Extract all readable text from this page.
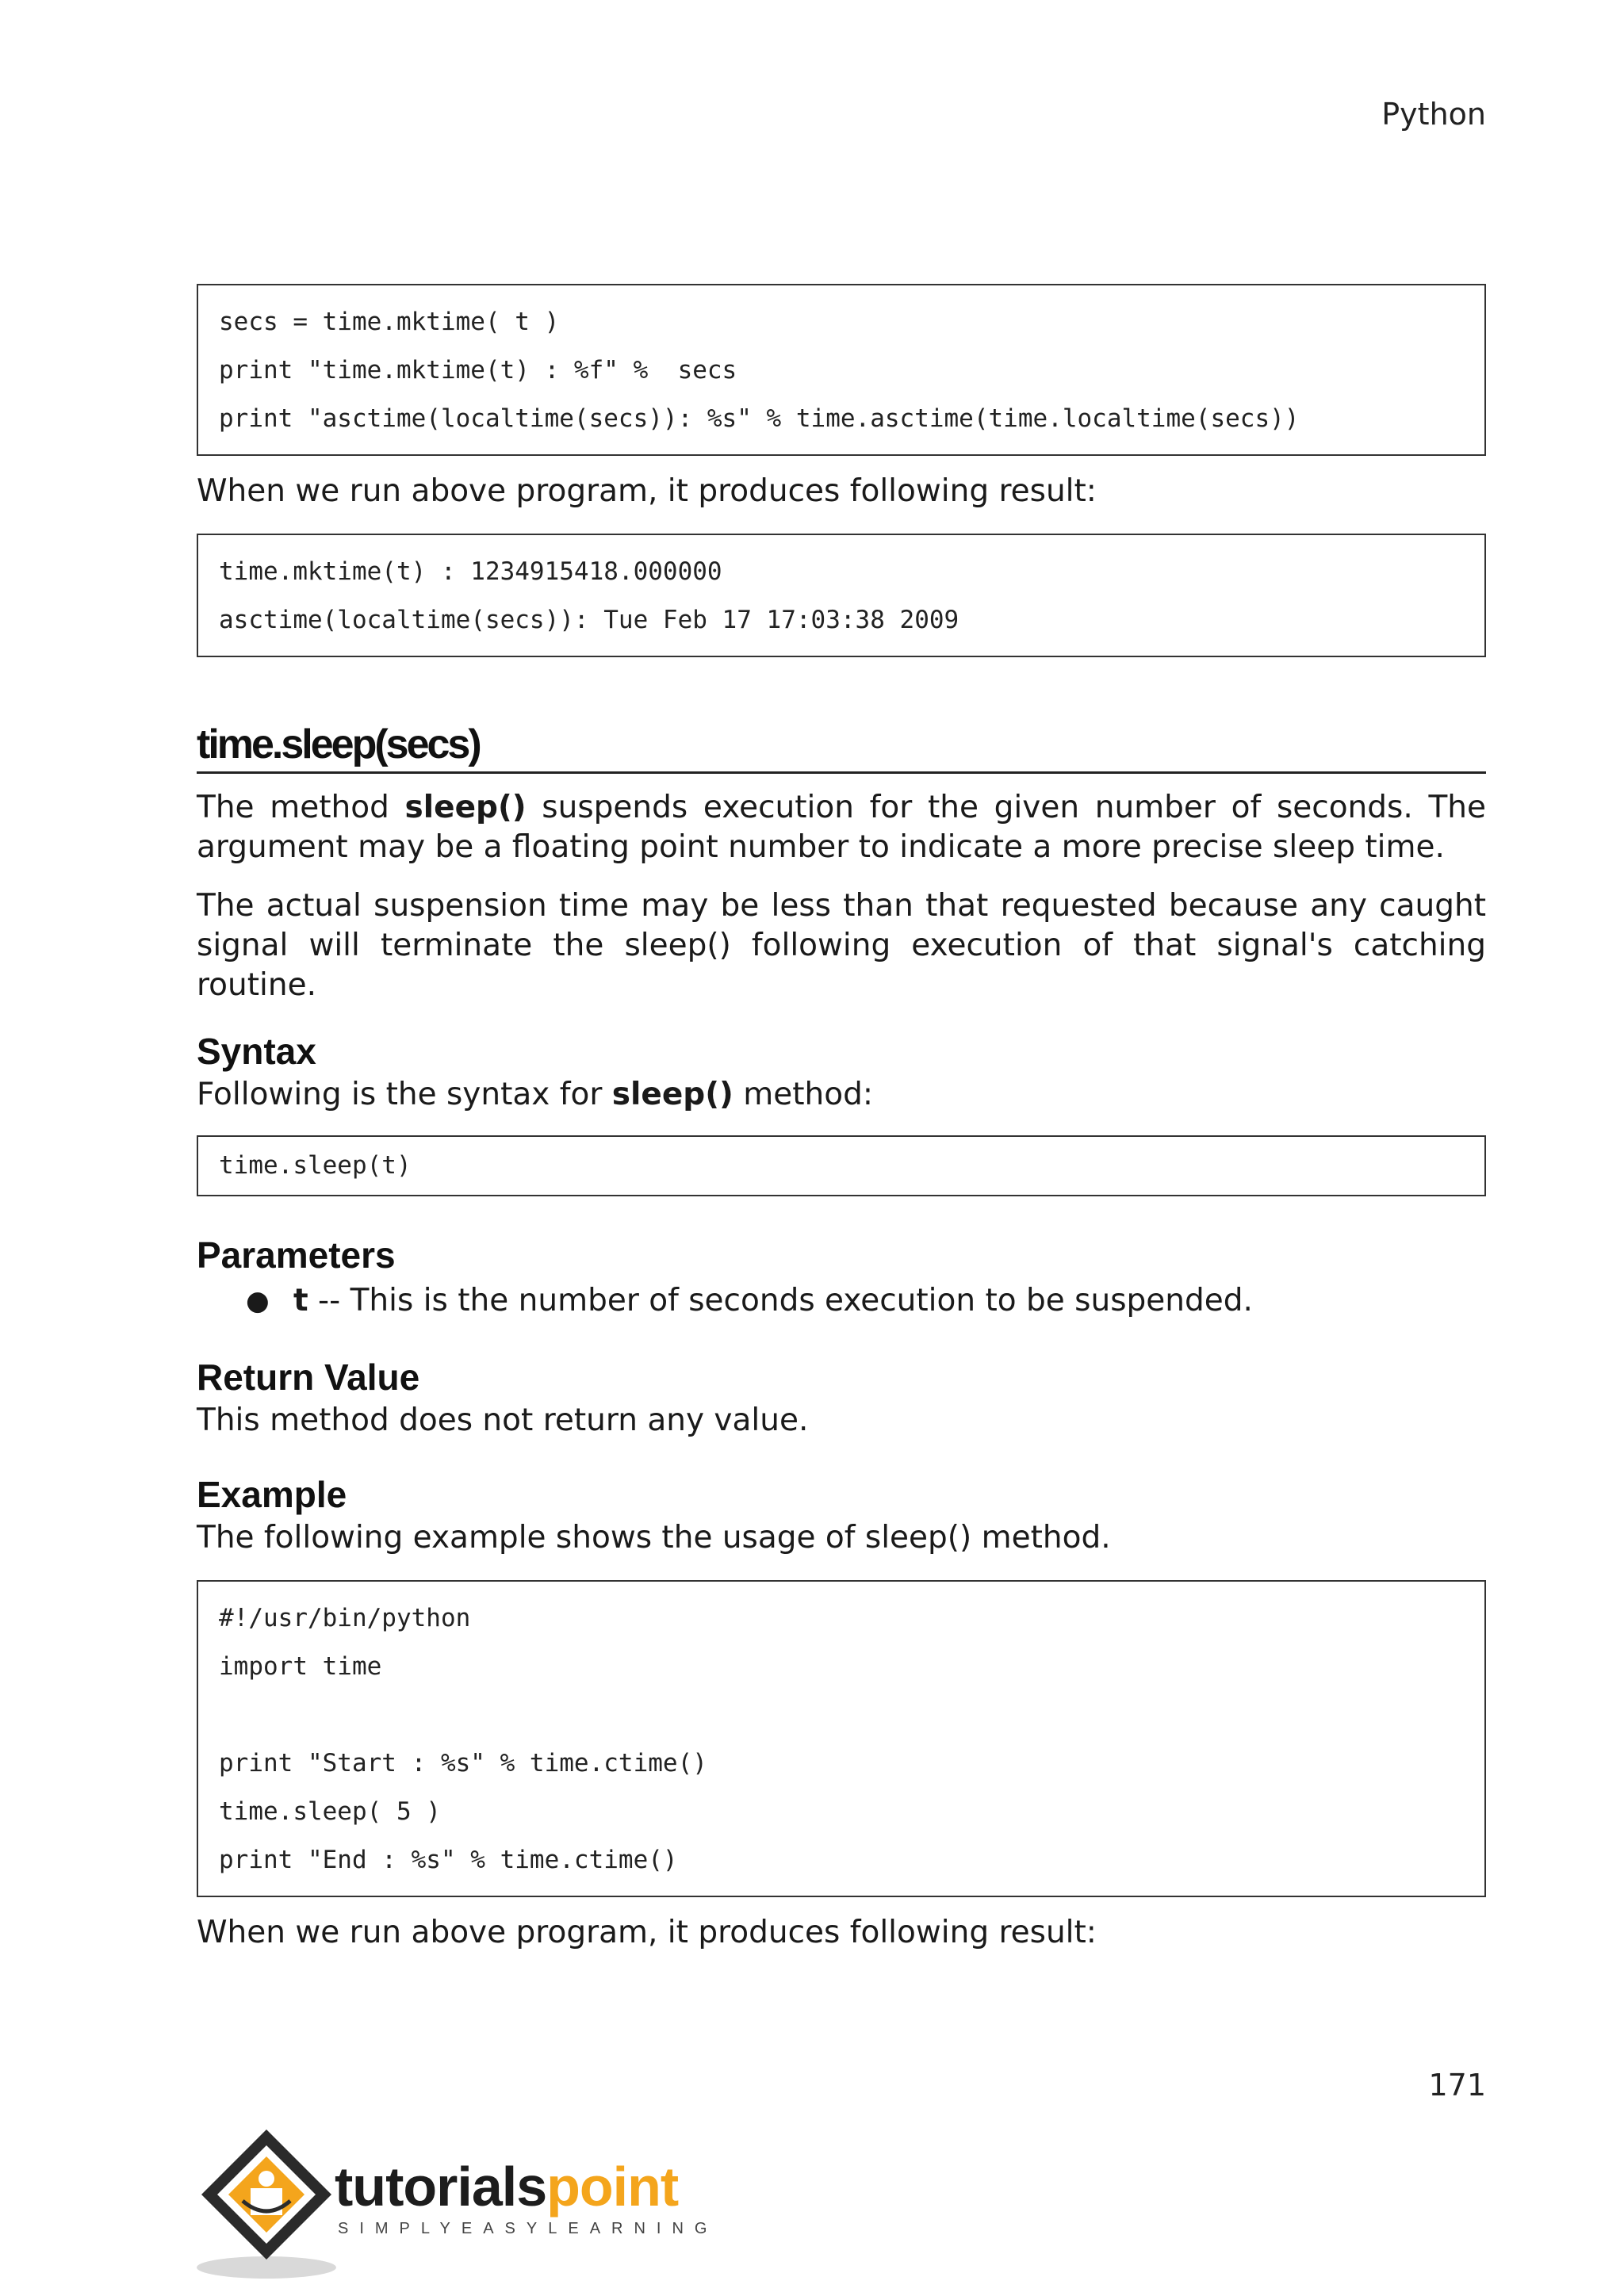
Python
secs = time.mktime( t )
print "time.mktime(t) : %f" %  secs
print "asctime(localtime(secs)): %s" % time.asctime(time.localtime(secs))
When we run above program, it produces following result:
time.mktime(t) : 1234915418.000000
asctime(localtime(secs)): Tue Feb 17 17:03:38 2009
time.sleep(secs)
The method sleep() suspends execution for the given number of seconds. The argument may be a floating point number to indicate a more precise sleep time.
The actual suspension time may be less than that requested because any caught signal will terminate the sleep() following execution of that signal's catching routine.
Syntax
Following is the syntax for sleep() method:
time.sleep(t)
Parameters
● t -- This is the number of seconds execution to be suspended.
Return Value
This method does not return any value.
Example
The following example shows the usage of sleep() method.
#!/usr/bin/python
import time
print "Start : %s" % time.ctime()
time.sleep( 5 )
print "End : %s" % time.ctime()
When we run above program, it produces following result:
171
tutorialspoint
SIMPLYEASYLEARNING
